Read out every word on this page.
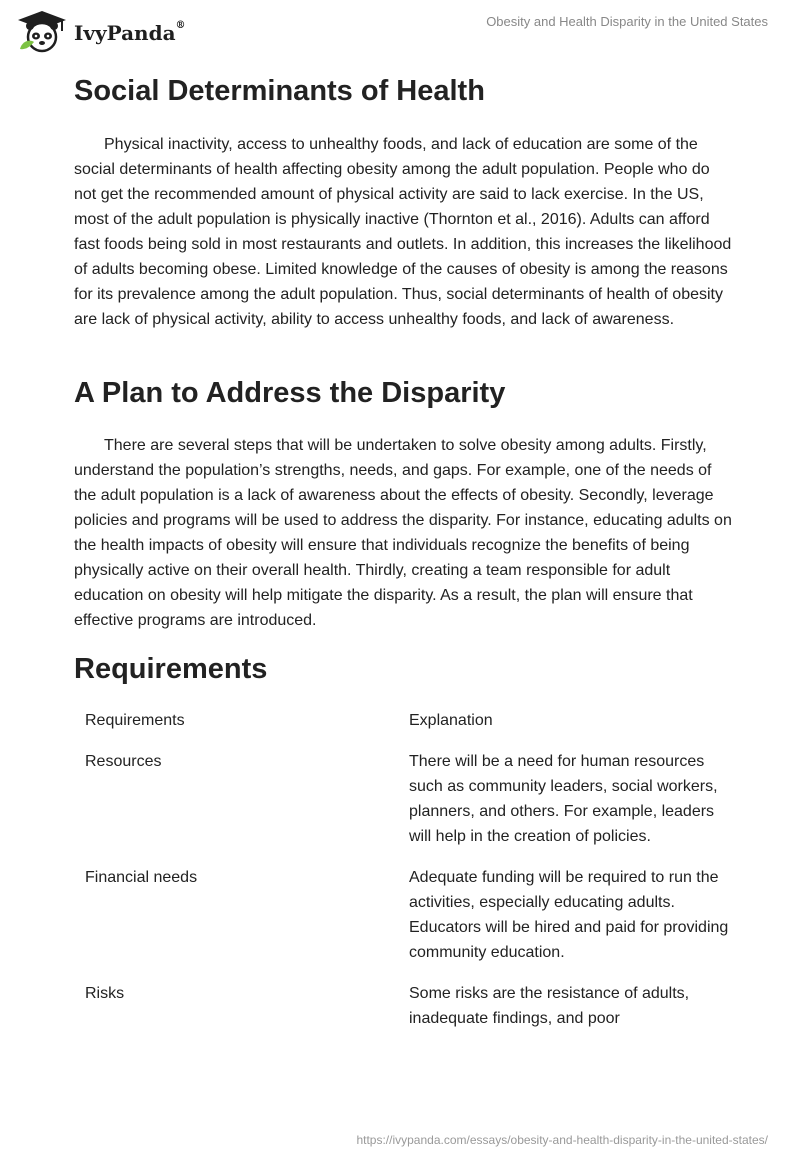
IvyPanda®	Obesity and Health Disparity in the United States
Social Determinants of Health

Physical inactivity, access to unhealthy foods, and lack of education are some of the social determinants of health affecting obesity among the adult population. People who do not get the recommended amount of physical activity are said to lack exercise. In the US, most of the adult population is physically inactive (Thornton et al., 2016). Adults can afford fast foods being sold in most restaurants and outlets. In addition, this increases the likelihood of adults becoming obese. Limited knowledge of the causes of obesity is among the reasons for its prevalence among the adult population. Thus, social determinants of health of obesity are lack of physical activity, ability to access unhealthy foods, and lack of awareness.

A Plan to Address the Disparity

There are several steps that will be undertaken to solve obesity among adults. Firstly, understand the population’s strengths, needs, and gaps. For example, one of the needs of the adult population is a lack of awareness about the effects of obesity. Secondly, leverage policies and programs will be used to address the disparity. For instance, educating adults on the health impacts of obesity will ensure that individuals recognize the benefits of being physically active on their overall health. Thirdly, creating a team responsible for adult education on obesity will help mitigate the disparity. As a result, the plan will ensure that effective programs are introduced.

Requirements
Requirements	Explanation
Resources	There will be a need for human resources such as community leaders, social workers, planners, and others. For example, leaders will help in the creation of policies.
Financial needs	Adequate funding will be required to run the activities, especially educating adults. Educators will be hired and paid for providing community education.
Risks	Some risks are the resistance of adults, inadequate findings, and poor
https://ivypanda.com/essays/obesity-and-health-disparity-in-the-united-states/
